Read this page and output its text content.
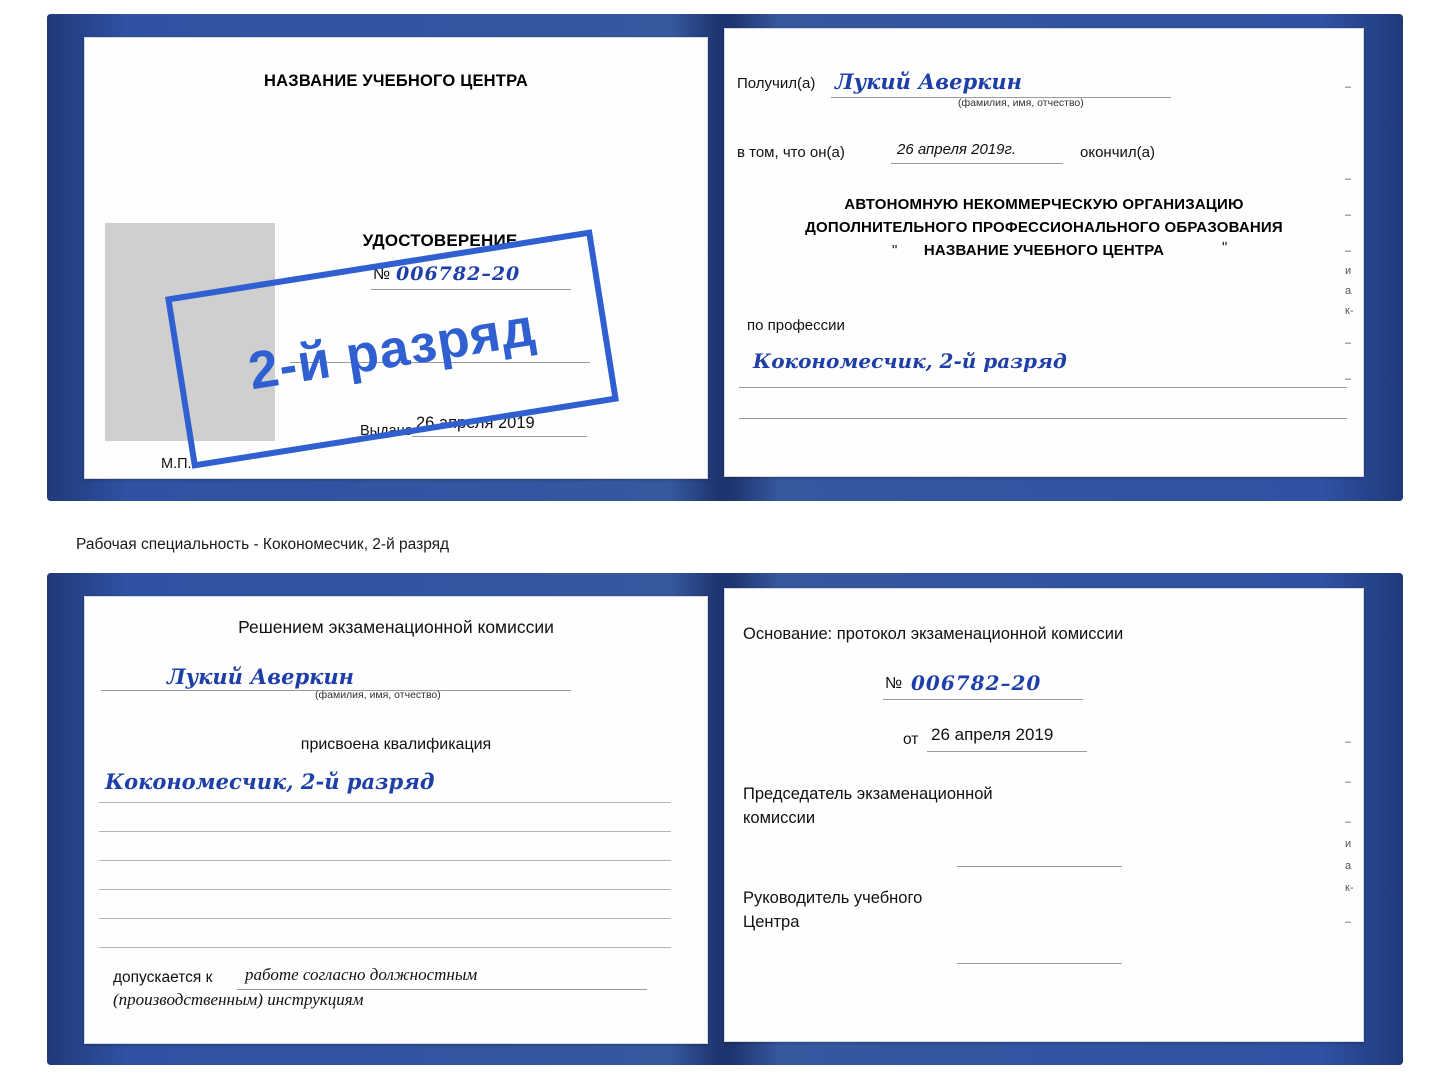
НАЗВАНИЕ УЧЕБНОГО ЦЕНТРА
УДОСТОВЕРЕНИЕ
№ 006782–20
Выдано 26 апреля 2019
М.П.
Получил(а) Лукий Аверкин
(фамилия, имя, отчество)
в том, что он(а)	26 апреля 2019г.	окончил(а)
АВТОНОМНУЮ НЕКОММЕРЧЕСКУЮ ОРГАНИЗАЦИЮ
ДОПОЛНИТЕЛЬНОГО ПРОФЕССИОНАЛЬНОГО ОБРАЗОВАНИЯ
"	НАЗВАНИЕ УЧЕБНОГО ЦЕНТРА	"
по профессии
Кокономесчик, 2-й разряд
2-й разряд
–
–
–
–
и
а
к-
–
–
Рабочая специальность - Кокономесчик, 2-й разряд
Решением экзаменационной комиссии
Лукий Аверкин
(фамилия, имя, отчество)
присвоена квалификация
Кокономесчик, 2-й разряд
допускается к работе согласно должностным
(производственным) инструкциям
Основание: протокол экзаменационной комиссии
№ 006782–20
от 26 апреля 2019
Председатель экзаменационной
комиссии
Руководитель учебного
Центра
–
–
–
и
а
к-
–
